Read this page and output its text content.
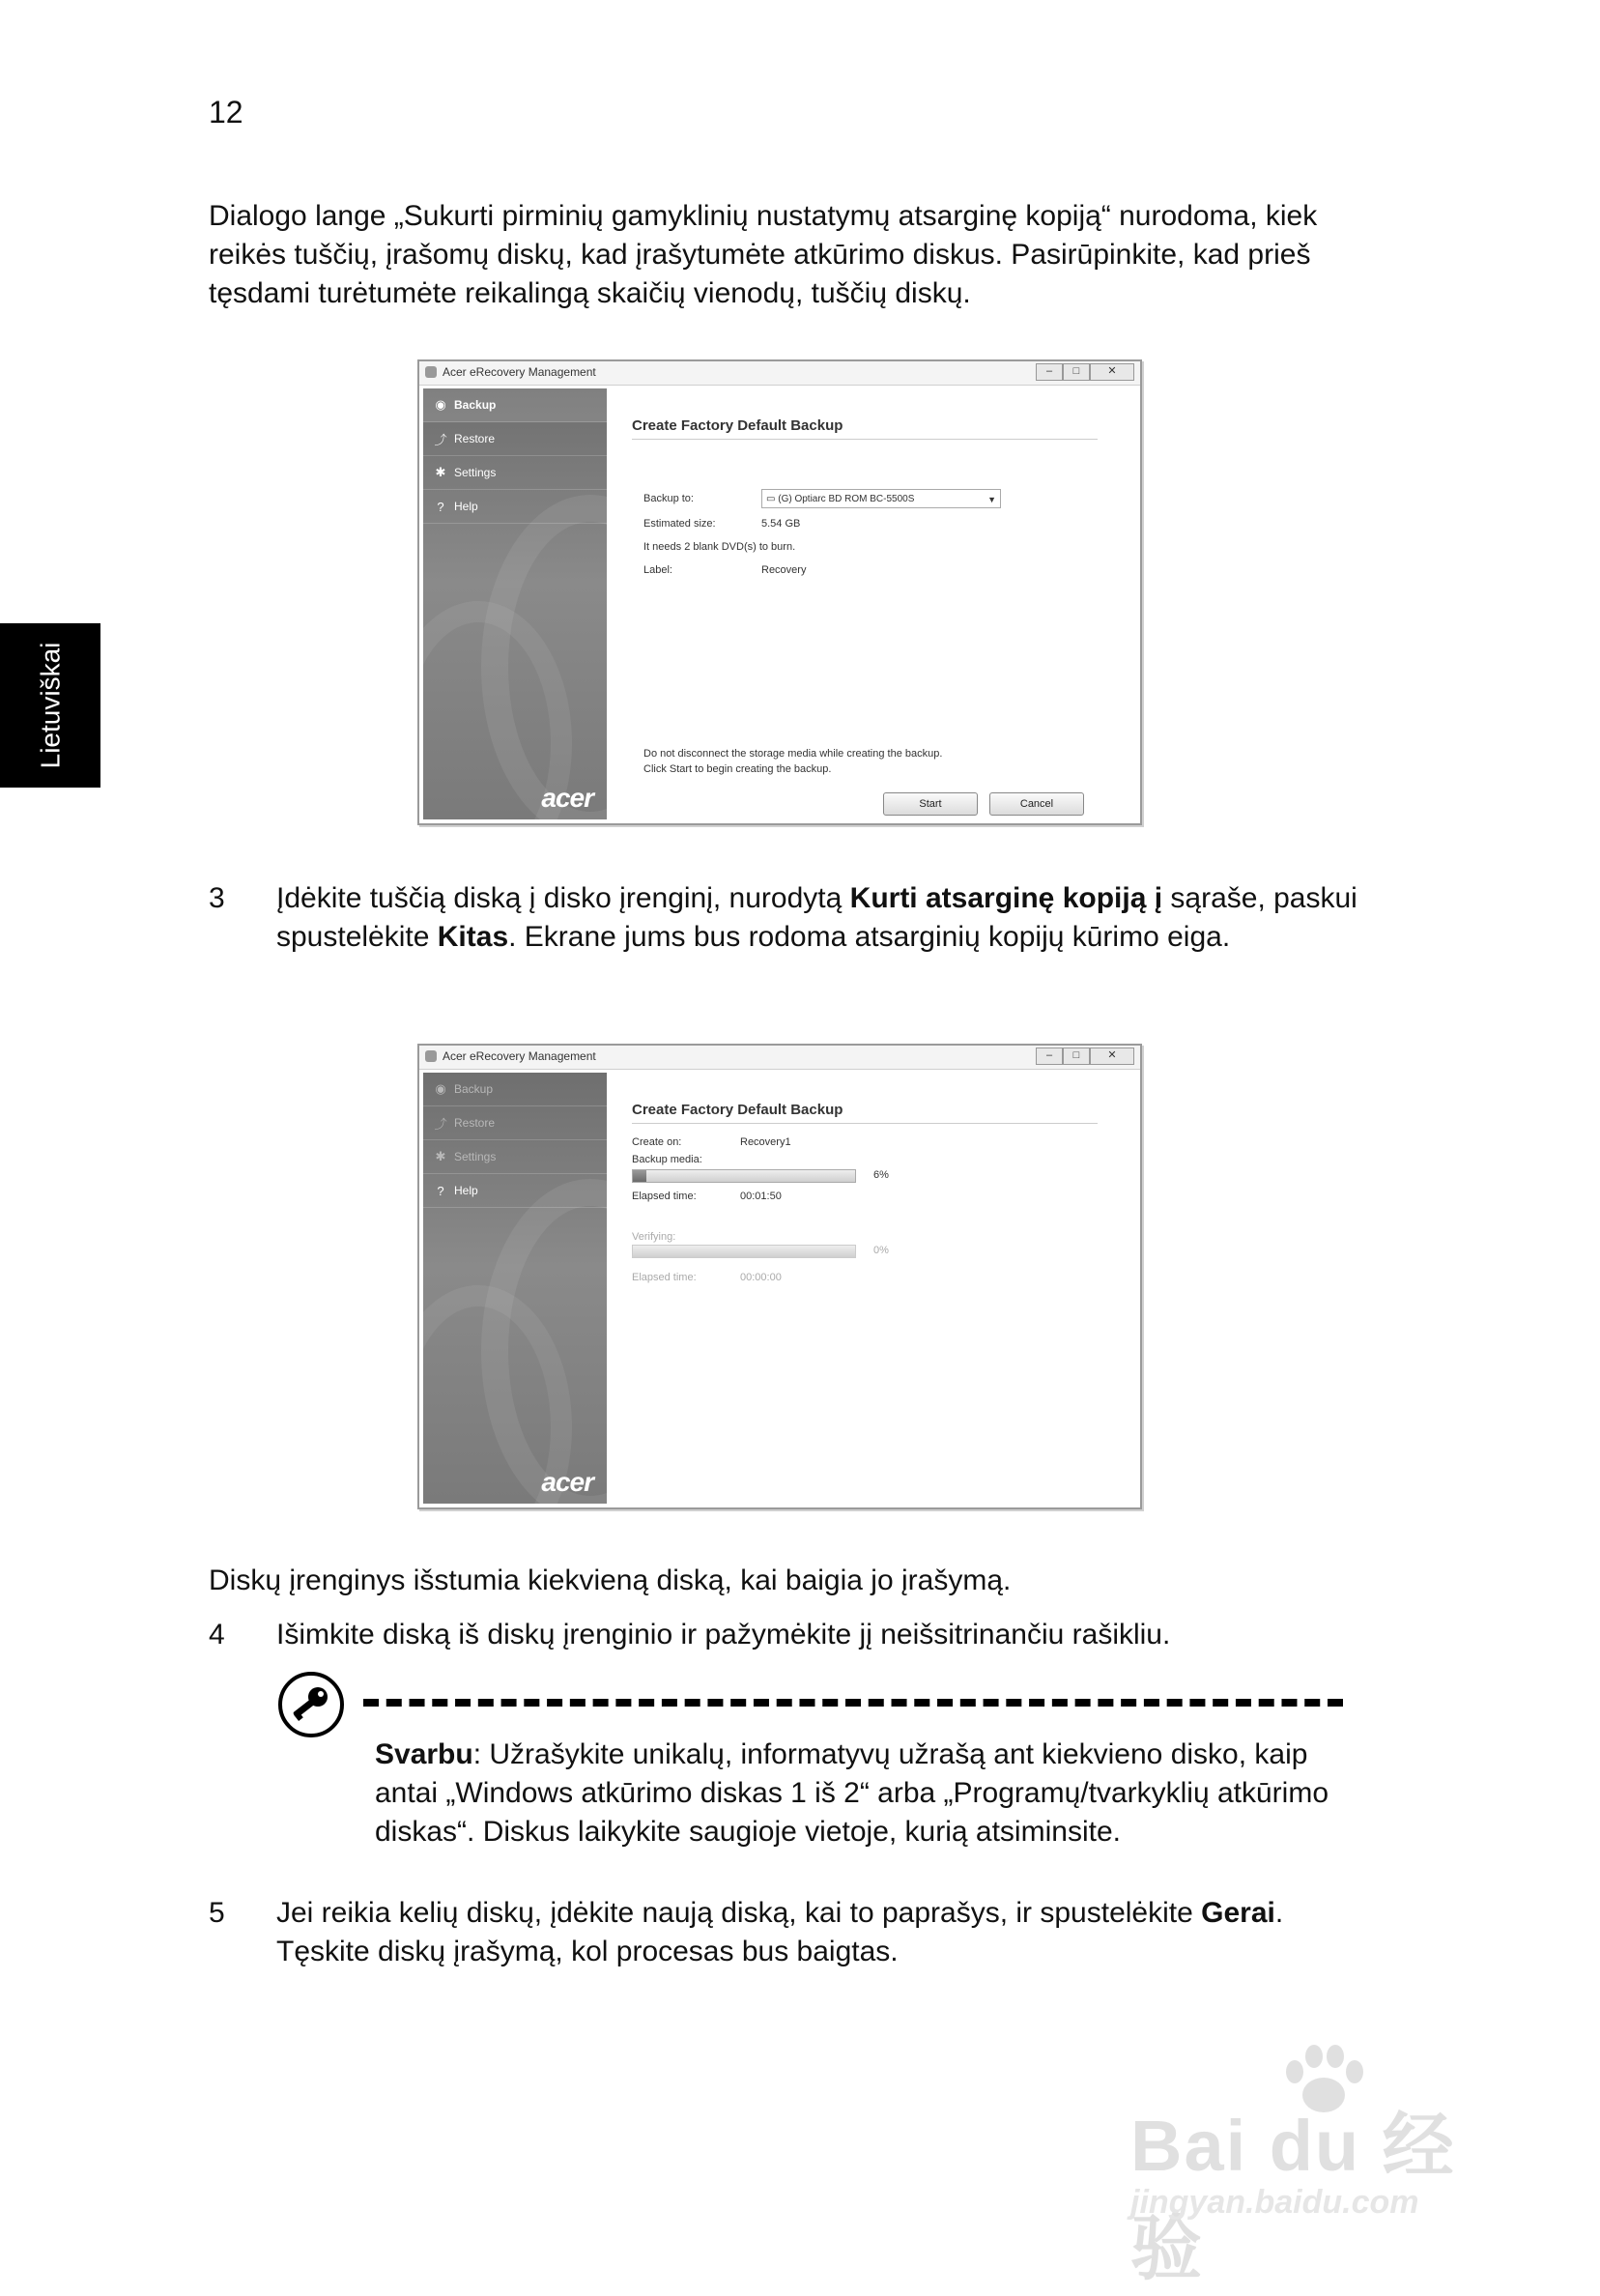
12
Lietuviškai
Dialogo lange „Sukurti pirminių gamyklinių nustatymų atsarginę kopiją“ nurodoma, kiek reikės tuščių, įrašomų diskų, kad įrašytumėte atkūrimo diskus. Pasirūpinkite, kad prieš tęsdami turėtumėte reikalingą skaičių vienodų, tuščių diskų.
Acer eRecovery Management	–	□	✕
◉ Backup
⤴ Restore
✱ Settings
? Help
acer
Create Factory Default Backup
Backup to:	▭ (G) Optiarc BD ROM BC-5500S	▼
Estimated size:	5.54 GB
It needs 2 blank DVD(s) to burn.
Label:	Recovery
Do not disconnect the storage media while creating the backup.
Click Start to begin creating the backup.
Start	Cancel
3 Įdėkite tuščią diską į disko įrenginį, nurodytą Kurti atsarginę kopiją į sąraše, paskui spustelėkite Kitas. Ekrane jums bus rodoma atsarginių kopijų kūrimo eiga.
Acer eRecovery Management	–	□	✕
◉ Backup
⤴ Restore
✱ Settings
? Help
acer
Create Factory Default Backup
Create on:	Recovery1
Backup media:
6%
Elapsed time:	00:01:50
Verifying:
0%
Elapsed time:	00:00:00
Diskų įrenginys išstumia kiekvieną diską, kai baigia jo įrašymą.
4 Išimkite diską iš diskų įrenginio ir pažymėkite jį neišsitrinančiu rašikliu.
Svarbu: Užrašykite unikalų, informatyvų užrašą ant kiekvieno disko, kaip antai „Windows atkūrimo diskas 1 iš 2“ arba „Programų/tvarkyklių atkūrimo diskas“. Diskus laikykite saugioje vietoje, kurią atsiminsite.
5 Jei reikia kelių diskų, įdėkite naują diską, kai to paprašys, ir spustelėkite Gerai. Tęskite diskų įrašymą, kol procesas bus baigtas.
Bai du 经验
jingyan.baidu.com
